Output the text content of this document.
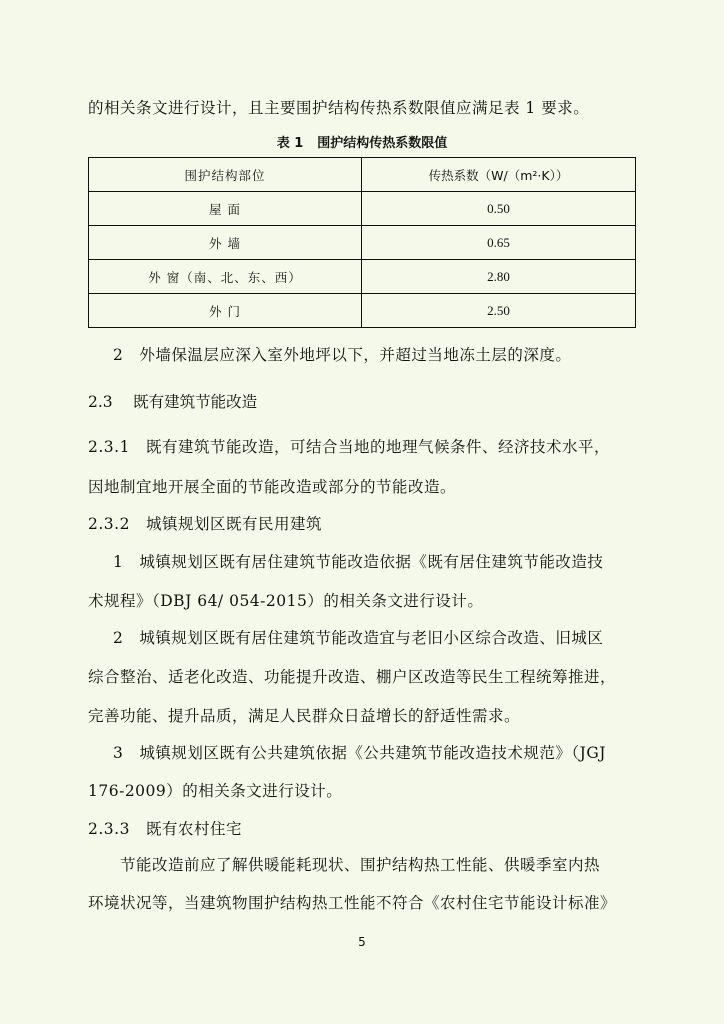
的相关条文进行设计，且主要围护结构传热系数限值应满足表 1 要求。
表 1 围护结构传热系数限值
围护结构部位	传热系数（W/（m²·K））
屋 面	0.50
外 墙	0.65
外 窗（南、北、东、西）	2.80
外 门	2.50
2　外墙保温层应深入室外地坪以下，并超过当地冻土层的深度。
2.3　 既有建筑节能改造
2.3.1　既有建筑节能改造，可结合当地的地理气候条件、经济技术水平，
因地制宜地开展全面的节能改造或部分的节能改造。
2.3.2　城镇规划区既有民用建筑
1　城镇规划区既有居住建筑节能改造依据《既有居住建筑节能改造技
术规程》（DBJ 64/ 054-2015）的相关条文进行设计。
2　城镇规划区既有居住建筑节能改造宜与老旧小区综合改造、旧城区
综合整治、适老化改造、功能提升改造、棚户区改造等民生工程统筹推进，
完善功能、提升品质，满足人民群众日益增长的舒适性需求。
3　城镇规划区既有公共建筑依据《公共建筑节能改造技术规范》（JGJ
176-2009）的相关条文进行设计。
2.3.3　既有农村住宅
节能改造前应了解供暖能耗现状、围护结构热工性能、供暖季室内热
环境状况等，当建筑物围护结构热工性能不符合《农村住宅节能设计标准》
5
